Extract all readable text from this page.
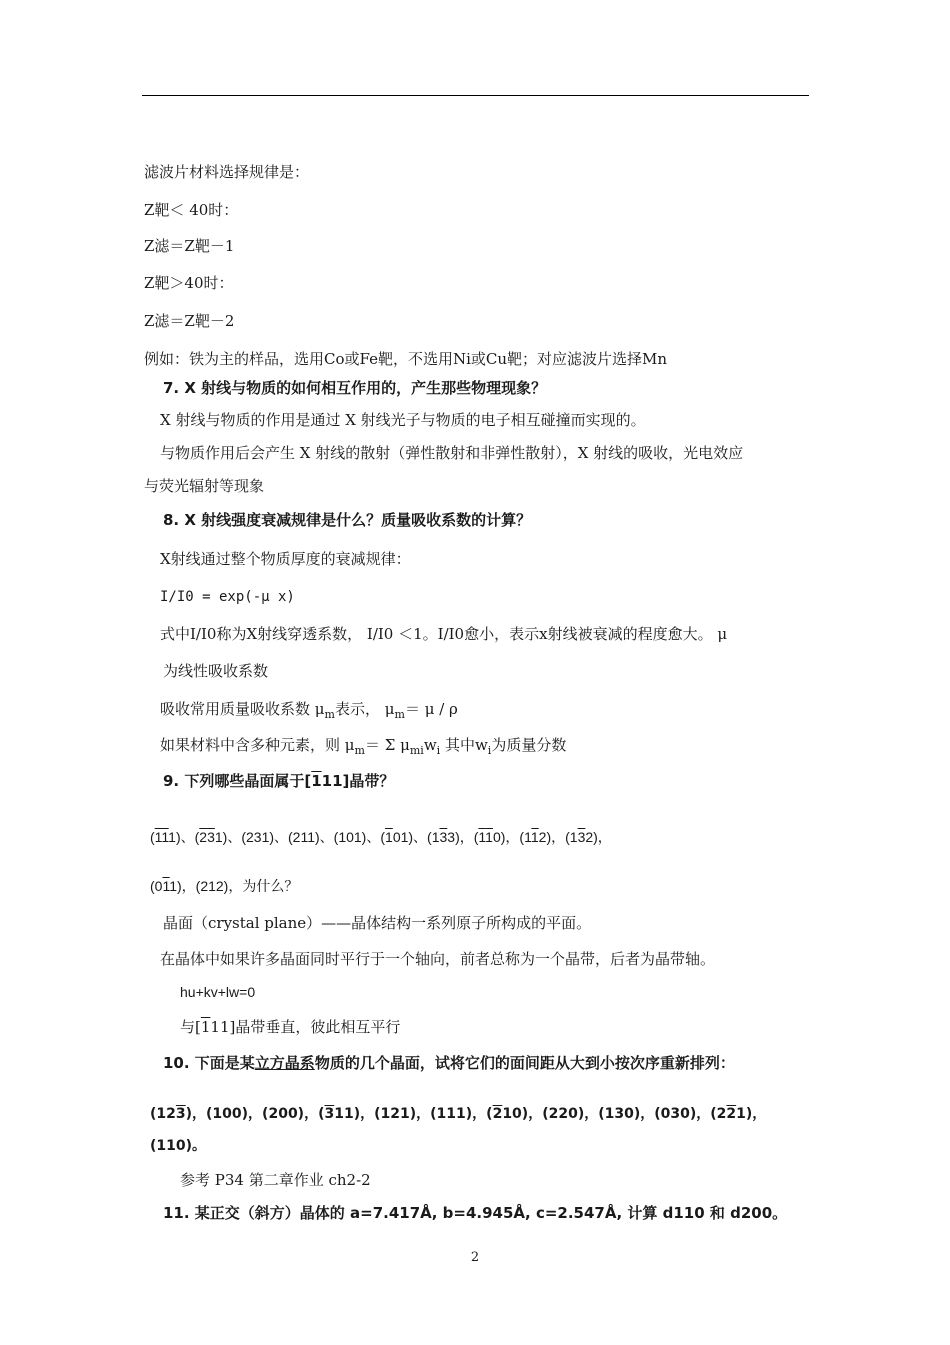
滤波片材料选择规律是：
Z靶＜ 40时：
Z滤＝Z靶－1
Z靶＞40时：
Z滤＝Z靶－2
例如：铁为主的样品，选用Co或Fe靶，不选用Ni或Cu靶；对应滤波片选择Mn
7. X 射线与物质的如何相互作用的，产生那些物理现象？
X 射线与物质的作用是通过 X 射线光子与物质的电子相互碰撞而实现的。
与物质作用后会产生 X 射线的散射（弹性散射和非弹性散射），X 射线的吸收，光电效应
与荧光辐射等现象
8. X 射线强度衰减规律是什么？质量吸收系数的计算？
X射线通过整个物质厚度的衰减规律：
I/I0 = exp(-μ x)
式中I/I0称为X射线穿透系数， I/I0 ＜1。I/I0愈小，表示x射线被衰减的程度愈大。 μ
为线性吸收系数
吸收常用质量吸收系数 $\mu_m$表示， $\mu_m= \mu / \rho$
如果材料中含多种元素，则 $\mu_m= \Sigma$ $\mu_{mi}w_i$ 其中$w_i$为质量分数
9. 下列哪些晶面属于[111]晶带？
(111)、(231)、(231)、(211)、(101)、(101)、(133)，(110)，(112)，(132)，
(011)，(212)，为什么？
晶面（crystal plane）——晶体结构一系列原子所构成的平面。
在晶体中如果许多晶面同时平行于一个轴向，前者总称为一个晶带，后者为晶带轴。
hu+kv+lw=0
与[111]晶带垂直，彼此相互平行
10. 下面是某立方晶系物质的几个晶面，试将它们的面间距从大到小按次序重新排列：
(123)，(100)，(200)，(311)，(121)，(111)，(210)，(220)，(130)，(030)，(221)，
(110)。
参考 P34 第二章作业 ch2-2
11. 某正交（斜方）晶体的 a=7.417Å, b=4.945Å, c=2.547Å, 计算 d110 和 d200。
2
